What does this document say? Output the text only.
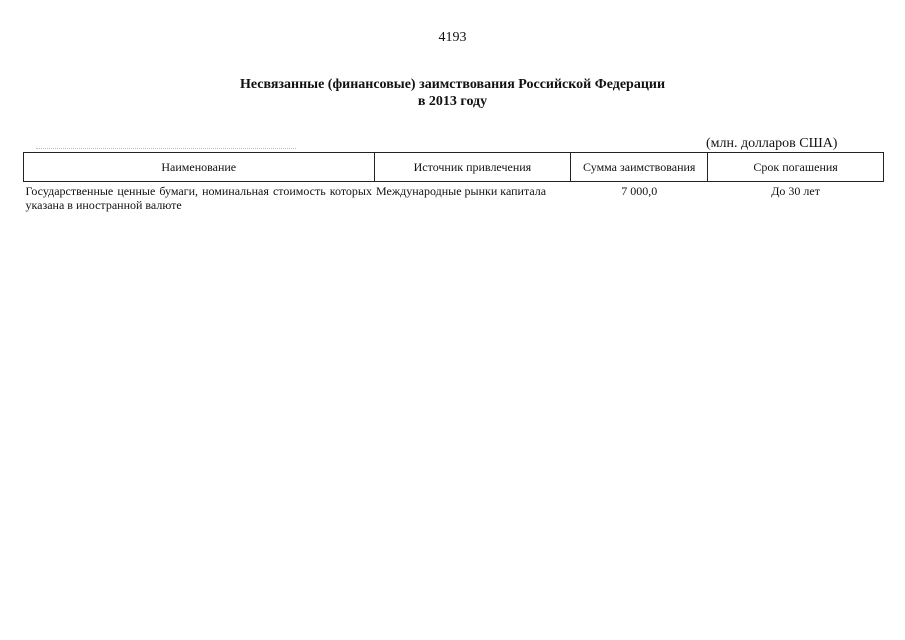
4193
Несвязанные (финансовые) заимствования Российской Федерации
в 2013 году
(млн. долларов США)
Наименование	Источник привлечения	Сумма заимствования	Срок погашения
Государственные ценные бумаги, номинальная стоимость которых указана в иностранной валюте	Международные рынки капитала	7 000,0	До 30 лет
